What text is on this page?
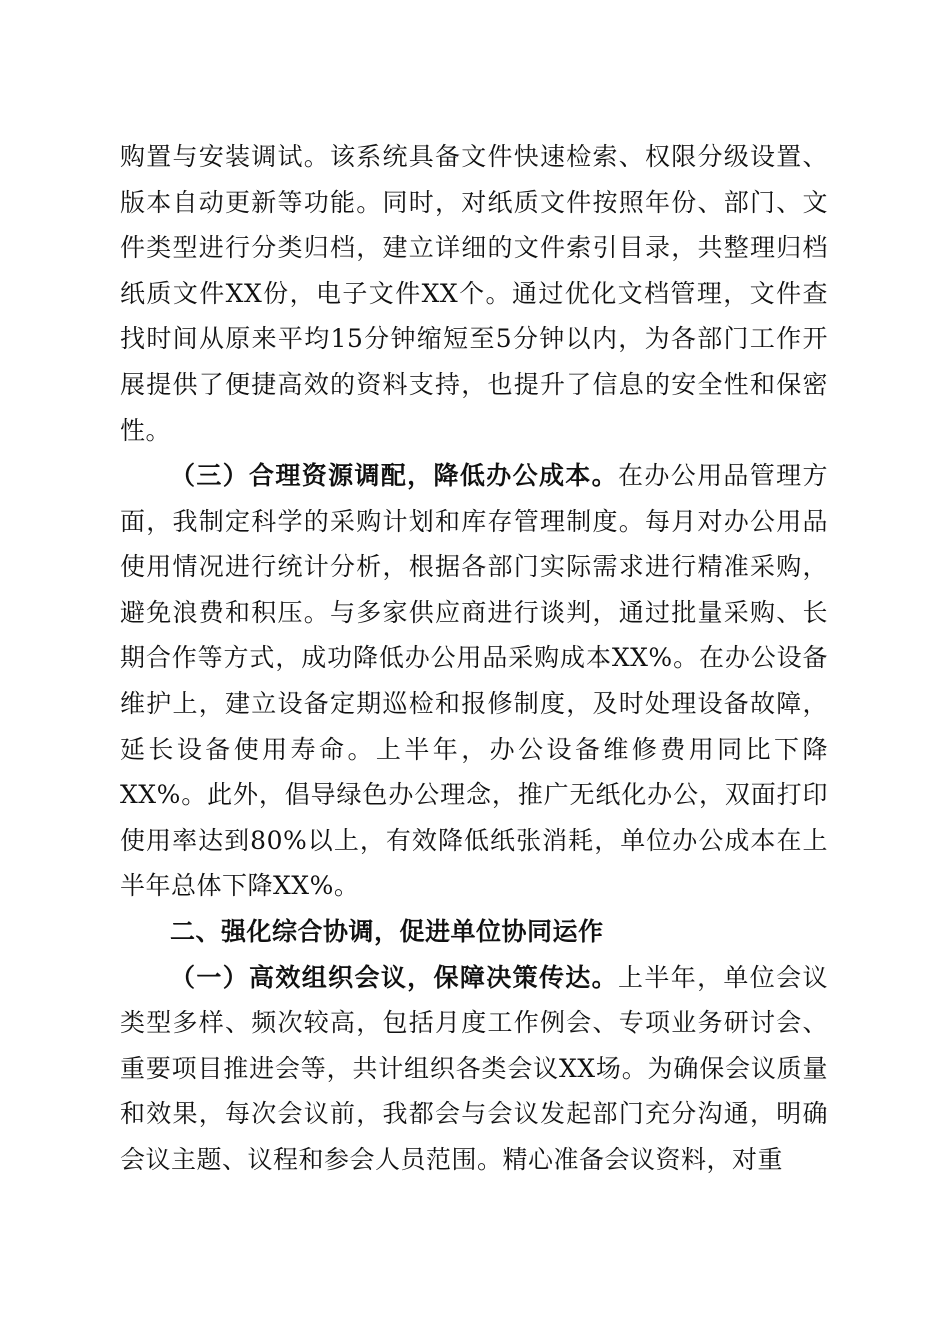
购置与安装调试。该系统具备文件快速检索、权限分级设置、版本自动更新等功能。同时，对纸质文件按照年份、部门、文件类型进行分类归档，建立详细的文件索引目录，共整理归档纸质文件XX份，电子文件XX个。通过优化文档管理，文件查找时间从原来平均15分钟缩短至5分钟以内，为各部门工作开展提供了便捷高效的资料支持，也提升了信息的安全性和保密性。

（三）合理资源调配，降低办公成本。在办公用品管理方面，我制定科学的采购计划和库存管理制度。每月对办公用品使用情况进行统计分析，根据各部门实际需求进行精准采购，避免浪费和积压。与多家供应商进行谈判，通过批量采购、长期合作等方式，成功降低办公用品采购成本XX%。在办公设备维护上，建立设备定期巡检和报修制度，及时处理设备故障，延长设备使用寿命。上半年，办公设备维修费用同比下降XX%。此外，倡导绿色办公理念，推广无纸化办公，双面打印使用率达到80%以上，有效降低纸张消耗，单位办公成本在上半年总体下降XX%。

二、强化综合协调，促进单位协同运作

（一）高效组织会议，保障决策传达。上半年，单位会议类型多样、频次较高，包括月度工作例会、专项业务研讨会、重要项目推进会等，共计组织各类会议XX场。为确保会议质量和效果，每次会议前，我都会与会议发起部门充分沟通，明确会议主题、议程和参会人员范围。精心准备会议资料，对重
